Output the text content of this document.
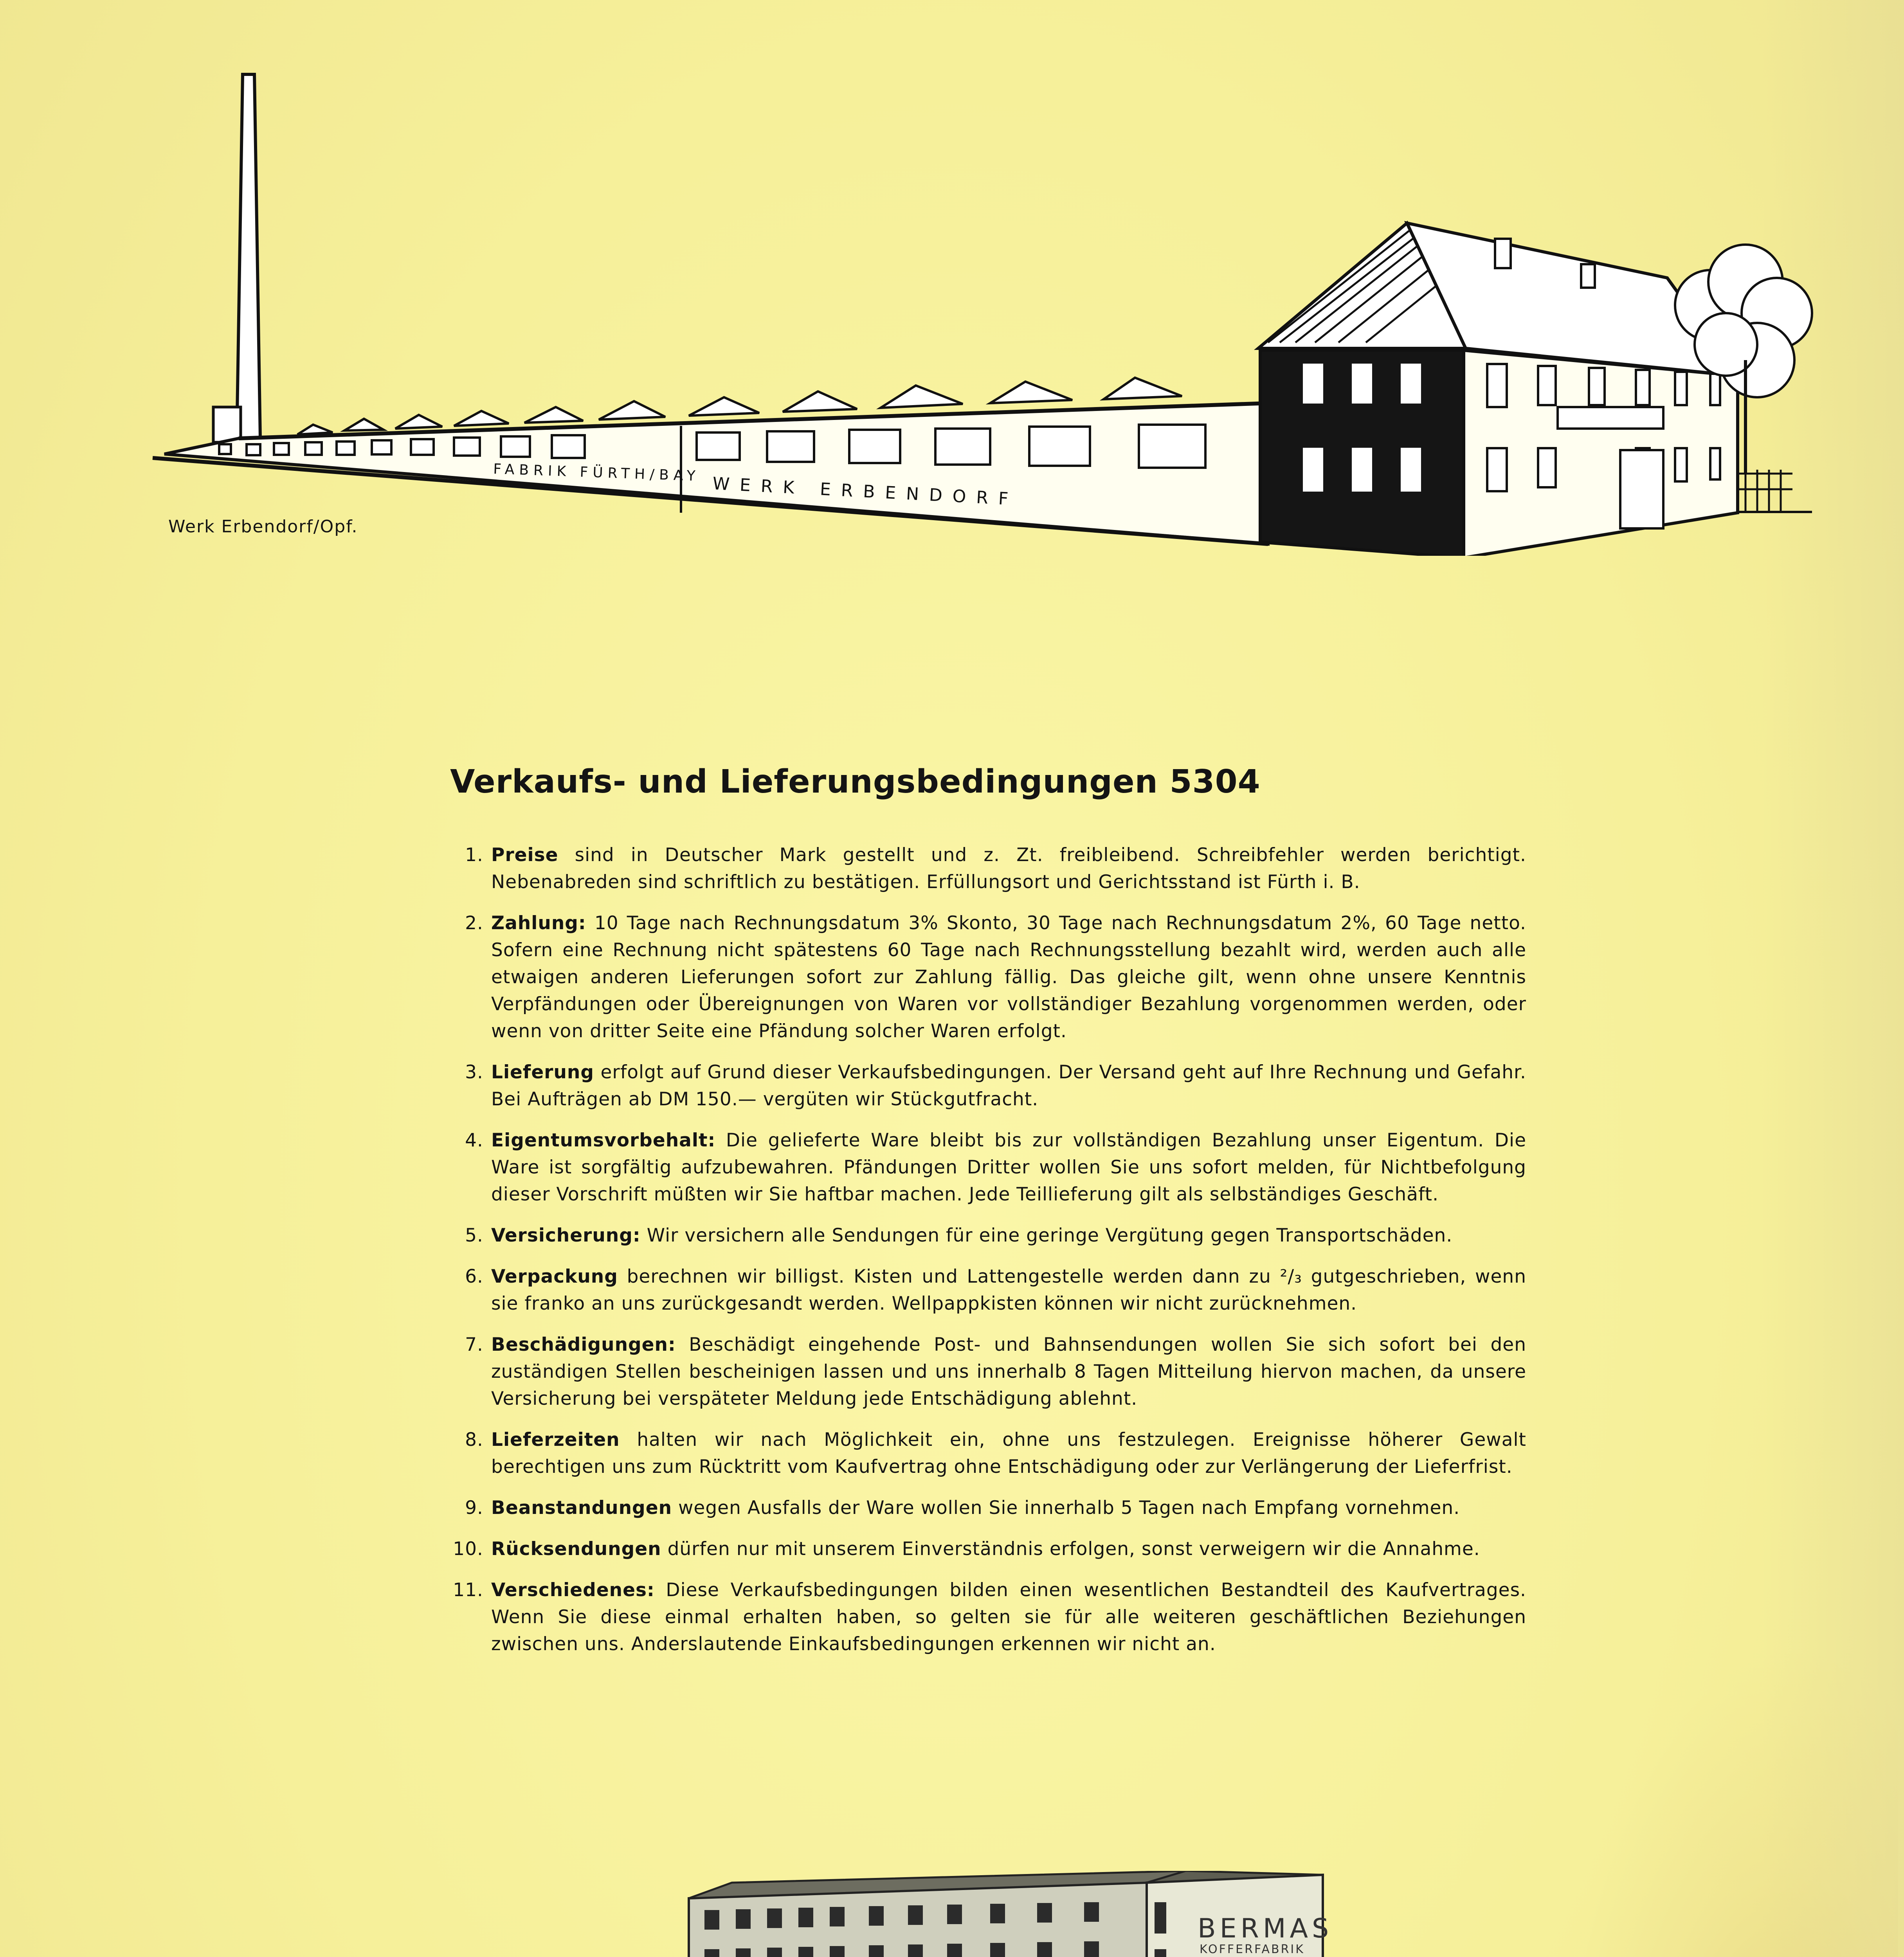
FABRIK FÜRTH/BAY
WERK ERBENDORF
Werk Erbendorf/Opf.
Verkaufs- und Lieferungsbedingungen 5304
1. Preise sind in Deutscher Mark gestellt und z. Zt. freibleibend. Schreibfehler werden berichtigt. Nebenabreden sind schriftlich zu bestätigen. Erfüllungsort und Gerichtsstand ist Fürth i. B.
2. Zahlung: 10 Tage nach Rechnungsdatum 3% Skonto, 30 Tage nach Rechnungsdatum 2%, 60 Tage netto. Sofern eine Rechnung nicht spätestens 60 Tage nach Rechnungsstellung bezahlt wird, werden auch alle etwaigen anderen Lieferungen sofort zur Zahlung fällig. Das gleiche gilt, wenn ohne unsere Kenntnis Verpfändungen oder Übereignungen von Waren vor vollständiger Bezahlung vorgenommen werden, oder wenn von dritter Seite eine Pfändung solcher Waren erfolgt.
3. Lieferung erfolgt auf Grund dieser Verkaufsbedingungen. Der Versand geht auf Ihre Rechnung und Gefahr. Bei Aufträgen ab DM 150.— vergüten wir Stückgutfracht.
4. Eigentumsvorbehalt: Die gelieferte Ware bleibt bis zur vollständigen Bezahlung unser Eigentum. Die Ware ist sorgfältig aufzubewahren. Pfändungen Dritter wollen Sie uns sofort melden, für Nichtbefolgung dieser Vorschrift müßten wir Sie haftbar machen. Jede Teillieferung gilt als selbständiges Geschäft.
5. Versicherung: Wir versichern alle Sendungen für eine geringe Vergütung gegen Transportschäden.
6. Verpackung berechnen wir billigst. Kisten und Lattengestelle werden dann zu ²/₃ gutgeschrieben, wenn sie franko an uns zurückgesandt werden. Wellpappkisten können wir nicht zurücknehmen.
7. Beschädigungen: Beschädigt eingehende Post- und Bahnsendungen wollen Sie sich sofort bei den zuständigen Stellen bescheinigen lassen und uns innerhalb 8 Tagen Mitteilung hiervon machen, da unsere Versicherung bei verspäteter Meldung jede Entschädigung ablehnt.
8. Lieferzeiten halten wir nach Möglichkeit ein, ohne uns festzulegen. Ereignisse höherer Gewalt berechtigen uns zum Rücktritt vom Kaufvertrag ohne Entschädigung oder zur Verlängerung der Lieferfrist.
9. Beanstandungen wegen Ausfalls der Ware wollen Sie innerhalb 5 Tagen nach Empfang vornehmen.
10. Rücksendungen dürfen nur mit unserem Einverständnis erfolgen, sonst verweigern wir die Annahme.
11. Verschiedenes: Diese Verkaufsbedingungen bilden einen wesentlichen Bestandteil des Kaufvertrages. Wenn Sie diese einmal erhalten haben, so gelten sie für alle weiteren geschäftlichen Beziehungen zwischen uns. Anderslautende Einkaufsbedingungen erkennen wir nicht an.
BERMAS
KOFFERFABRIK
